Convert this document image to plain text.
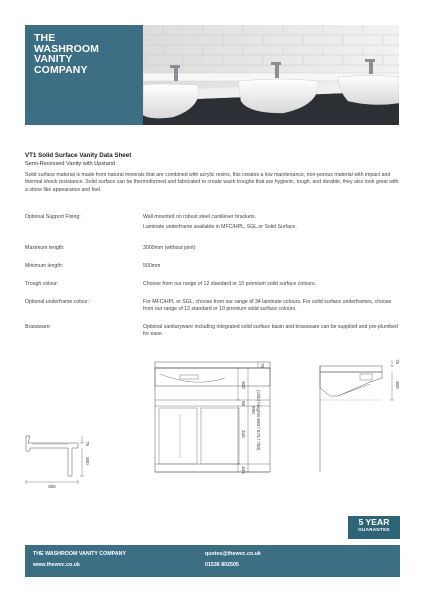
THE
WASHROOM
VANITY
COMPANY
VT1 Solid Surface Vanity Data Sheet
Semi-Recessed Vanity with Upstand
Solid surface material is made from natural minerals that are combined with acrylic resins, this creates a low maintenance, non-porous material with impact and thermal shock resistance. Solid surface can be thermoformed and fabricated to create wash troughs that are hygienic, tough, and durable, they also look great with a stone like appearance and feel.
Optional Support Fixing:	Wall mounted on robust steel cantilever brackets.
Laminate underframe available in MFC/HPL, SGL or Solid Surface.
Maximum length:	3000mm (without joint)
Minimum length:	500mm
Trough colour:	Choose from our range of 12 standard or 10 premium solid surface colours.
Optional underframe colour:	For MFC/HPL or SGL, choose from our range of 34 laminate colours. For solid surface underframes, choose from our range of 12 standard or 10 premium solid surface colours.
Brassware:	Optional sanitaryware including integrated solid surface basin and brassware can be supplied and pre-plumbed for ease.
75
300
355
75
300
50
340
105
890 (child heights 600 / 675 / 750)
75
300
5 YEAR
GUARANTEE
THE WASHROOM VANITY COMPANY
www.thewvc.co.uk
quotes@thewvc.co.uk
01536 802505
